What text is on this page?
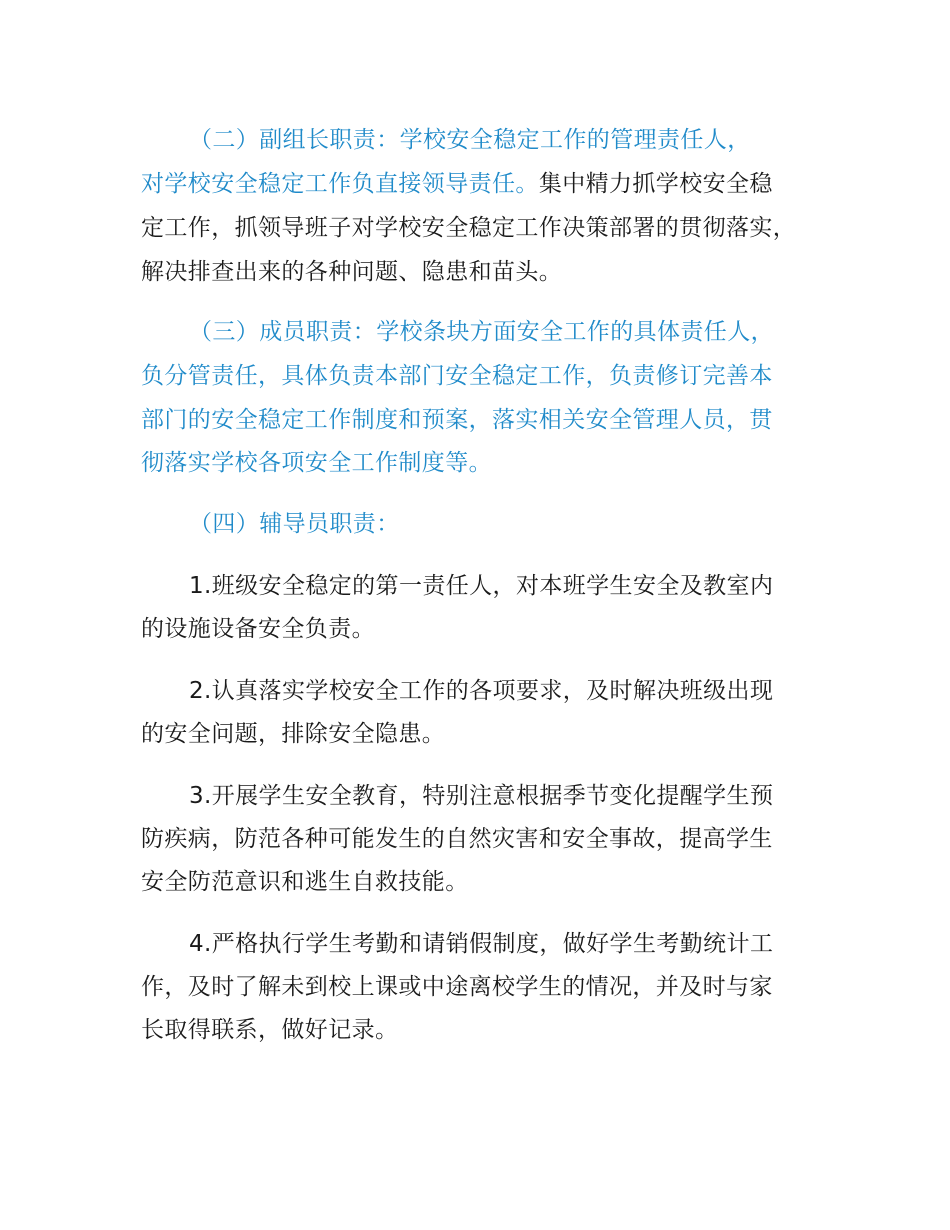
（二）副组长职责：学校安全稳定工作的管理责任人，
对学校安全稳定工作负直接领导责任。集中精力抓学校安全稳
定工作，抓领导班子对学校安全稳定工作决策部署的贯彻落实，
解决排查出来的各种问题、隐患和苗头。
（三）成员职责：学校条块方面安全工作的具体责任人，
负分管责任，具体负责本部门安全稳定工作，负责修订完善本
部门的安全稳定工作制度和预案，落实相关安全管理人员，贯
彻落实学校各项安全工作制度等。
（四）辅导员职责：
1.班级安全稳定的第一责任人，对本班学生安全及教室内
的设施设备安全负责。
2.认真落实学校安全工作的各项要求，及时解决班级出现
的安全问题，排除安全隐患。
3.开展学生安全教育，特别注意根据季节变化提醒学生预
防疾病，防范各种可能发生的自然灾害和安全事故，提高学生
安全防范意识和逃生自救技能。
4.严格执行学生考勤和请销假制度，做好学生考勤统计工
作，及时了解未到校上课或中途离校学生的情况，并及时与家
长取得联系，做好记录。
